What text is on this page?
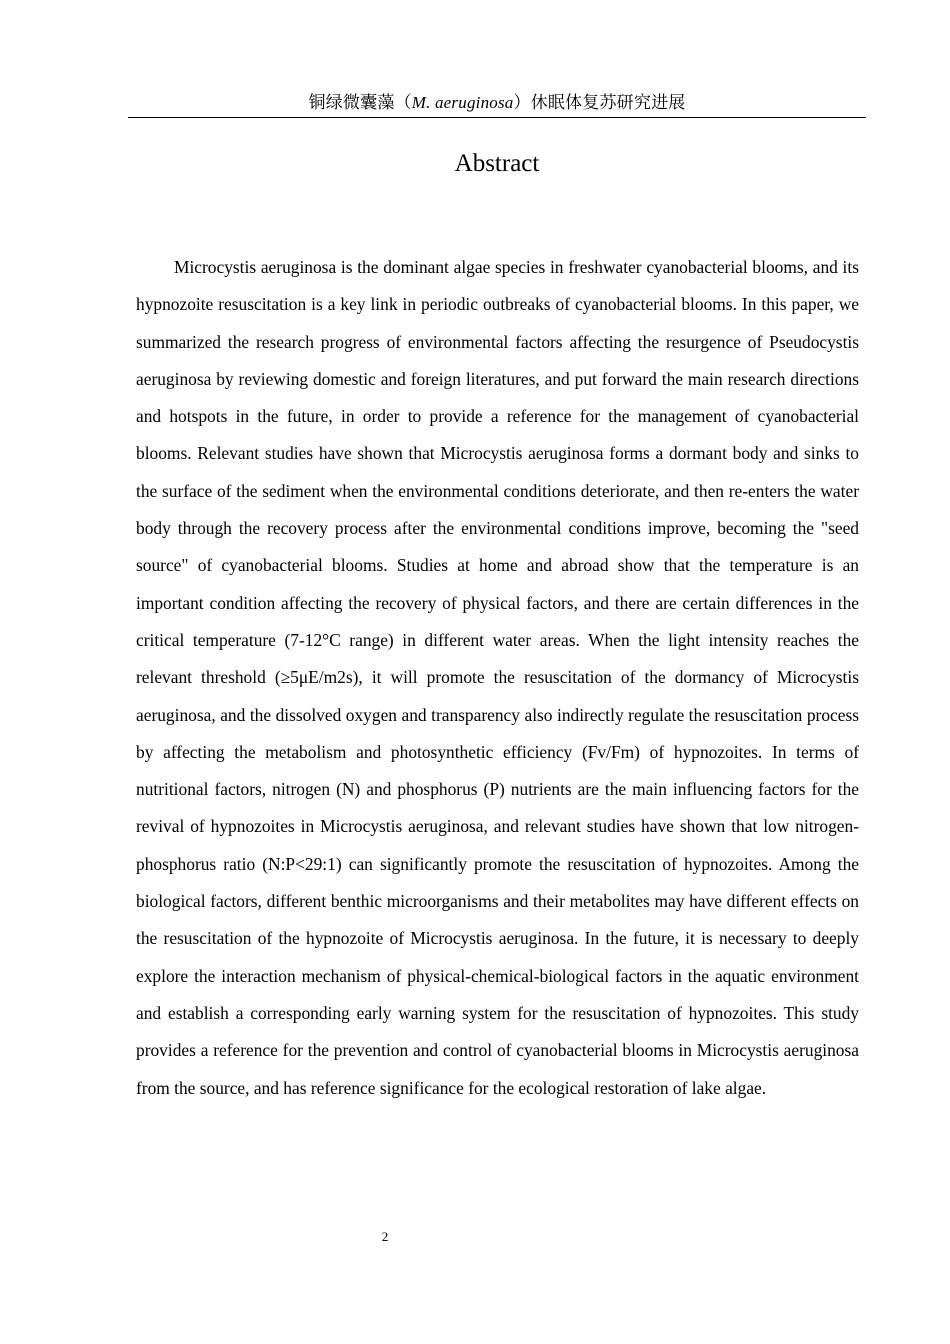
铜绿微囊藻（M. aeruginosa）休眠体复苏研究进展
Abstract

Microcystis aeruginosa is the dominant algae species in freshwater cyanobacterial blooms, and its hypnozoite resuscitation is a key link in periodic outbreaks of cyanobacterial blooms. In this paper, we summarized the research progress of environmental factors affecting the resurgence of Pseudocystis aeruginosa by reviewing domestic and foreign literatures, and put forward the main research directions and hotspots in the future, in order to provide a reference for the management of cyanobacterial blooms. Relevant studies have shown that Microcystis aeruginosa forms a dormant body and sinks to the surface of the sediment when the environmental conditions deteriorate, and then re-enters the water body through the recovery process after the environmental conditions improve, becoming the "seed source" of cyanobacterial blooms. Studies at home and abroad show that the temperature is an important condition affecting the recovery of physical factors, and there are certain differences in the critical temperature (7-12°C range) in different water areas. When the light intensity reaches the relevant threshold (≥5μE/m2s), it will promote the resuscitation of the dormancy of Microcystis aeruginosa, and the dissolved oxygen and transparency also indirectly regulate the resuscitation process by affecting the metabolism and photosynthetic efficiency (Fv/Fm) of hypnozoites. In terms of nutritional factors, nitrogen (N) and phosphorus (P) nutrients are the main influencing factors for the revival of hypnozoites in Microcystis aeruginosa, and relevant studies have shown that low nitrogen-phosphorus ratio (N:P<29:1) can significantly promote the resuscitation of hypnozoites. Among the biological factors, different benthic microorganisms and their metabolites may have different effects on the resuscitation of the hypnozoite of Microcystis aeruginosa. In the future, it is necessary to deeply explore the interaction mechanism of physical-chemical-biological factors in the aquatic environment and establish a corresponding early warning system for the resuscitation of hypnozoites. This study provides a reference for the prevention and control of cyanobacterial blooms in Microcystis aeruginosa from the source, and has reference significance for the ecological restoration of lake algae.

2
